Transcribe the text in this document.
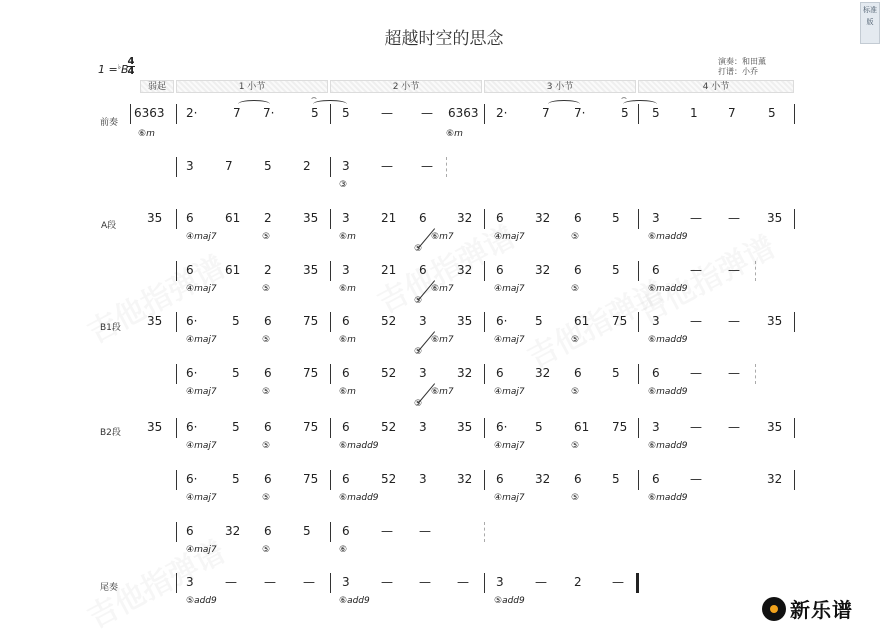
超越时空的思念
标准版
演奏：和田薰
打谱：小乔
1 =♭B
4
4
弱起	1 小节	2 小节	3 小节	4 小节
前奏
A段
B1段
B2段
尾奏
6363 2·	7 7·	5 5	— — 6363 2·	7 7·	5 5	1	7	5
⑥m	⑥m
3	7	5	2	3	— —
③
35 6	61 2	35 3	21 6	32 6	32 6	5	3	— — 35
④maj7	⑤	⑥m
⑤
⑥m7	④maj7	⑤	⑥madd9
6	61 2	35 3	21 6	32 6	32 6	5	6	— —
④maj7	⑤	⑥m
⑤
⑥m7	④maj7	⑤	⑥madd9
35 6·	5 6	75 6	52 3	35 6· 5	61 75 3	— — 35
④maj7	⑤	⑥m
⑤
⑥m7	④maj7	⑤	⑥madd9
6·	5 6	75 6	52 3	32 6	32 6	5	6	— —
④maj7	⑤	⑥m
⑤
⑥m7	④maj7	⑤	⑥madd9
35 6·	5 6	75 6	52 3	35 6· 5	61 75 3	— — 35
④maj7	⑤	⑥madd9	④maj7	⑤	⑥madd9
6·	5 6	75 6	52 3	32 6	32 6	5	6	—	32
④maj7	⑤	⑥madd9	④maj7	⑤	⑥madd9
6	32 6	5	6	— —
④maj7	⑤	⑥
3	— — — 3	— — — 3	— 2	—
⑤add9	⑥add9	⑤add9
⌢	⌢
新乐谱
